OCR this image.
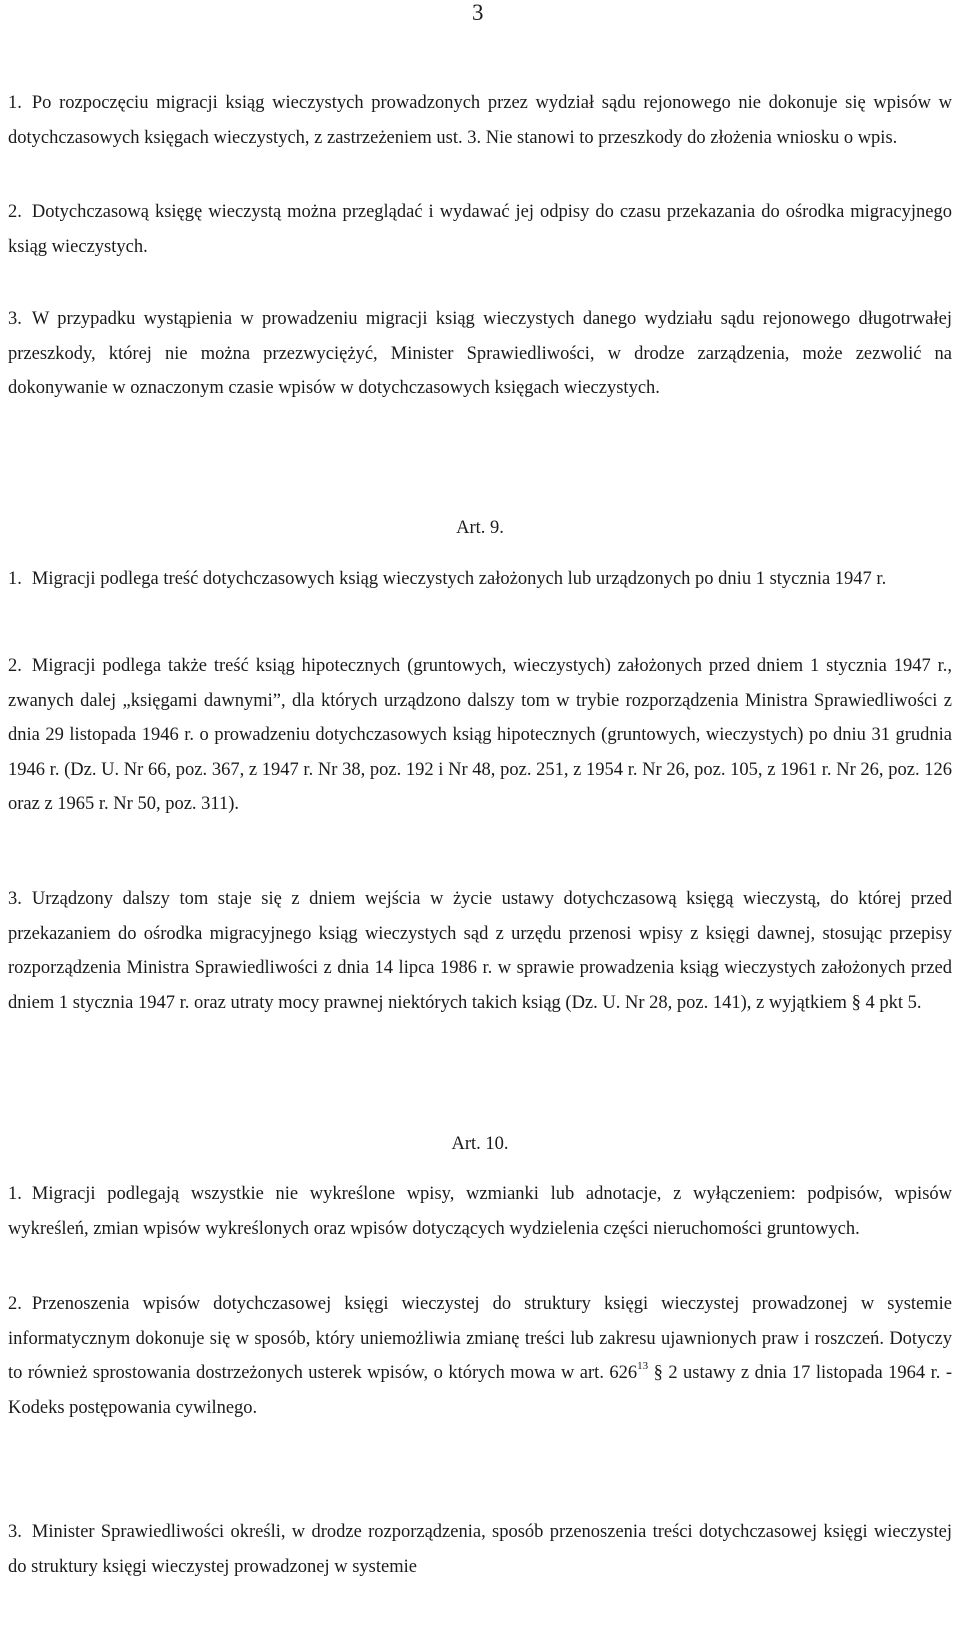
3
1. Po rozpoczęciu migracji ksiąg wieczystych prowadzonych przez wydział sądu rejonowego nie dokonuje się wpisów w dotychczasowych księgach wieczystych, z zastrzeżeniem ust. 3. Nie stanowi to przeszkody do złożenia wniosku o wpis.
2. Dotychczasową księgę wieczystą można przeglądać i wydawać jej odpisy do czasu przekazania do ośrodka migracyjnego ksiąg wieczystych.
3. W przypadku wystąpienia w prowadzeniu migracji ksiąg wieczystych danego wydziału sądu rejonowego długotrwałej przeszkody, której nie można przezwyciężyć, Minister Sprawiedliwości, w drodze zarządzenia, może zezwolić na dokonywanie w oznaczonym czasie wpisów w dotychczasowych księgach wieczystych.
Art. 9.
1. Migracji podlega treść dotychczasowych ksiąg wieczystych założonych lub urządzonych po dniu 1 stycznia 1947 r.
2. Migracji podlega także treść ksiąg hipotecznych (gruntowych, wieczystych) założonych przed dniem 1 stycznia 1947 r., zwanych dalej „księgami dawnymi”, dla których urządzono dalszy tom w trybie rozporządzenia Ministra Sprawiedliwości z dnia 29 listopada 1946 r. o prowadzeniu dotychczasowych ksiąg hipotecznych (gruntowych, wieczystych) po dniu 31 grudnia 1946 r. (Dz. U. Nr 66, poz. 367, z 1947 r. Nr 38, poz. 192 i Nr 48, poz. 251, z 1954 r. Nr 26, poz. 105, z 1961 r. Nr 26, poz. 126 oraz z 1965 r. Nr 50, poz. 311).
3. Urządzony dalszy tom staje się z dniem wejścia w życie ustawy dotychczasową księgą wieczystą, do której przed przekazaniem do ośrodka migracyjnego ksiąg wieczystych sąd z urzędu przenosi wpisy z księgi dawnej, stosując przepisy rozporządzenia Ministra Sprawiedliwości z dnia 14 lipca 1986 r. w sprawie prowadzenia ksiąg wieczystych założonych przed dniem 1 stycznia 1947 r. oraz utraty mocy prawnej niektórych takich ksiąg (Dz. U. Nr 28, poz. 141), z wyjątkiem § 4 pkt 5.
Art. 10.
1. Migracji podlegają wszystkie nie wykreślone wpisy, wzmianki lub adnotacje, z wyłączeniem: podpisów, wpisów wykreśleń, zmian wpisów wykreślonych oraz wpisów dotyczących wydzielenia części nieruchomości gruntowych.
2. Przenoszenia wpisów dotychczasowej księgi wieczystej do struktury księgi wieczystej prowadzonej w systemie informatycznym dokonuje się w sposób, który uniemożliwia zmianę treści lub zakresu ujawnionych praw i roszczeń. Dotyczy to również sprostowania dostrzeżonych usterek wpisów, o których mowa w art. $626^{13}$ § 2 ustawy z dnia 17 listopada 1964 r. - Kodeks postępowania cywilnego.
3. Minister Sprawiedliwości określi, w drodze rozporządzenia, sposób przenoszenia treści dotychczasowej księgi wieczystej do struktury księgi wieczystej prowadzonej w systemie
